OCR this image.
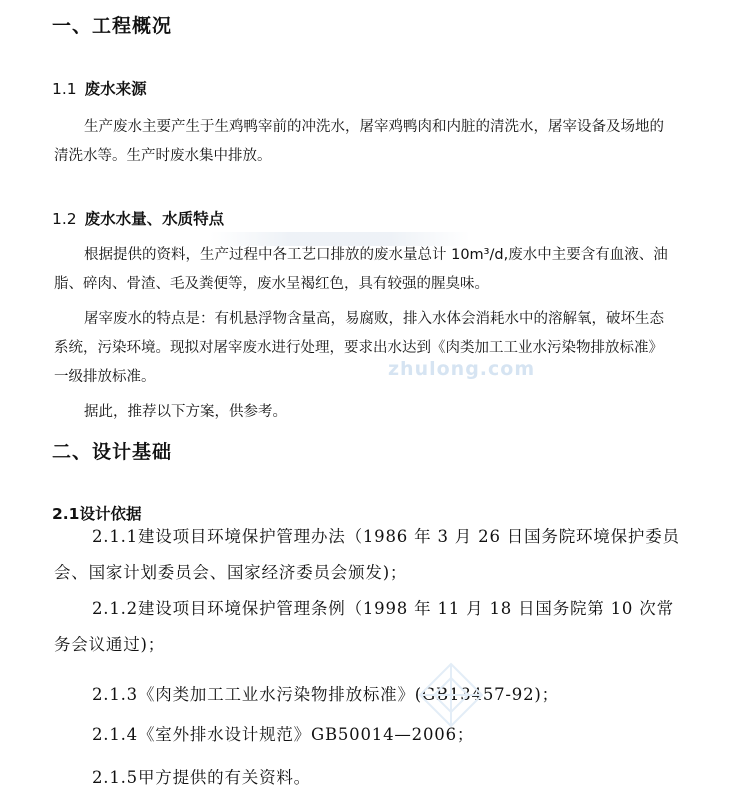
一、工程概况
1.1 废水来源
生产废水主要产生于生鸡鸭宰前的冲洗水，屠宰鸡鸭肉和内脏的清洗水，屠宰设备及场地的清洗水等。生产时废水集中排放。
1.2 废水水量、水质特点
根据提供的资料，生产过程中各工艺口排放的废水量总计 10m³/d,废水中主要含有血液、油脂、碎肉、骨渣、毛及粪便等，废水呈褐红色，具有较强的腥臭味。
屠宰废水的特点是：有机悬浮物含量高，易腐败，排入水体会消耗水中的溶解氧，破坏生态系统，污染环境。现拟对屠宰废水进行处理，要求出水达到《肉类加工工业水污染物排放标准》一级排放标准。	zhulong.com
据此，推荐以下方案，供参考。
二、设计基础
2.1设计依据
2.1.1建设项目环境保护管理办法（1986 年 3 月 26 日国务院环境保护委员会、国家计划委员会、国家经济委员会颁发)；
2.1.2建设项目环境保护管理条例（1998 年 11 月 18 日国务院第 10 次常务会议通过)；
2.1.3《肉类加工工业水污染物排放标准》(GB13457-92)；
2.1.4《室外排水设计规范》GB50014—2006；
2.1.5甲方提供的有关资料。
